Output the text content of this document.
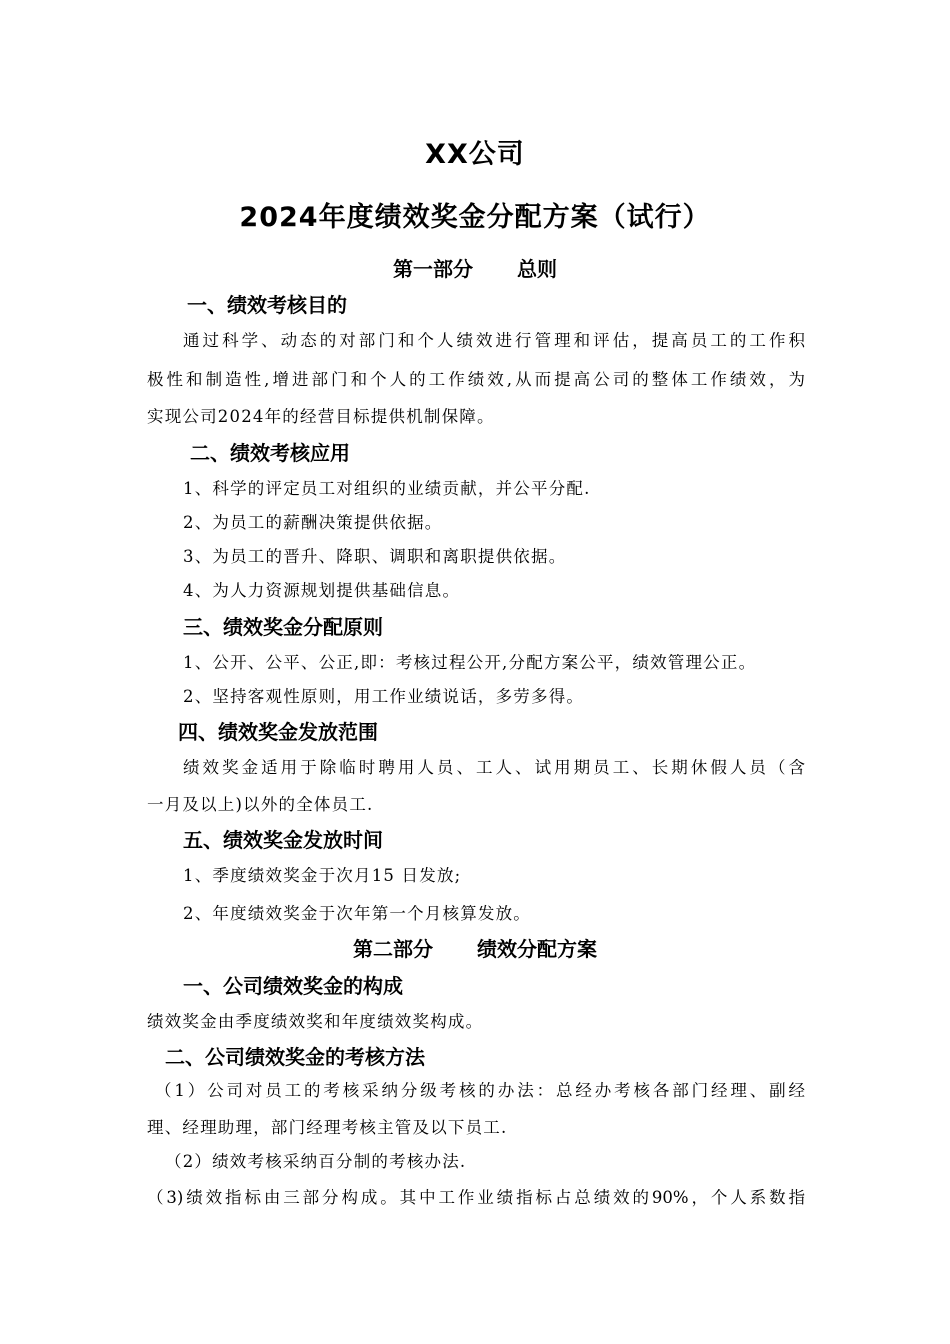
XX公司
2024年度绩效奖金分配方案（试行）
第一部分 总则
一、绩效考核目的
通过科学、动态的对部门和个人绩效进行管理和评估，提高员工的工作积
极性和制造性,增进部门和个人的工作绩效,从而提高公司的整体工作绩效，为
实现公司2024年的经营目标提供机制保障。
二、绩效考核应用
1、科学的评定员工对组织的业绩贡献，并公平分配.
2、为员工的薪酬决策提供依据。
3、为员工的晋升、降职、调职和离职提供依据。
4、为人力资源规划提供基础信息。
三、绩效奖金分配原则
1、公开、公平、公正,即：考核过程公开,分配方案公平，绩效管理公正。
2、坚持客观性原则，用工作业绩说话，多劳多得。
四、绩效奖金发放范围
绩效奖金适用于除临时聘用人员、工人、试用期员工、长期休假人员（含
一月及以上)以外的全体员工.
五、绩效奖金发放时间
1、季度绩效奖金于次月15 日发放;
2、年度绩效奖金于次年第一个月核算发放。
第二部分 绩效分配方案
一、公司绩效奖金的构成
绩效奖金由季度绩效奖和年度绩效奖构成。
二、公司绩效奖金的考核方法
（1）公司对员工的考核采纳分级考核的办法：总经办考核各部门经理、副经
理、经理助理，部门经理考核主管及以下员工.
（2）绩效考核采纳百分制的考核办法.
（3)绩效指标由三部分构成。其中工作业绩指标占总绩效的90%，个人系数指
